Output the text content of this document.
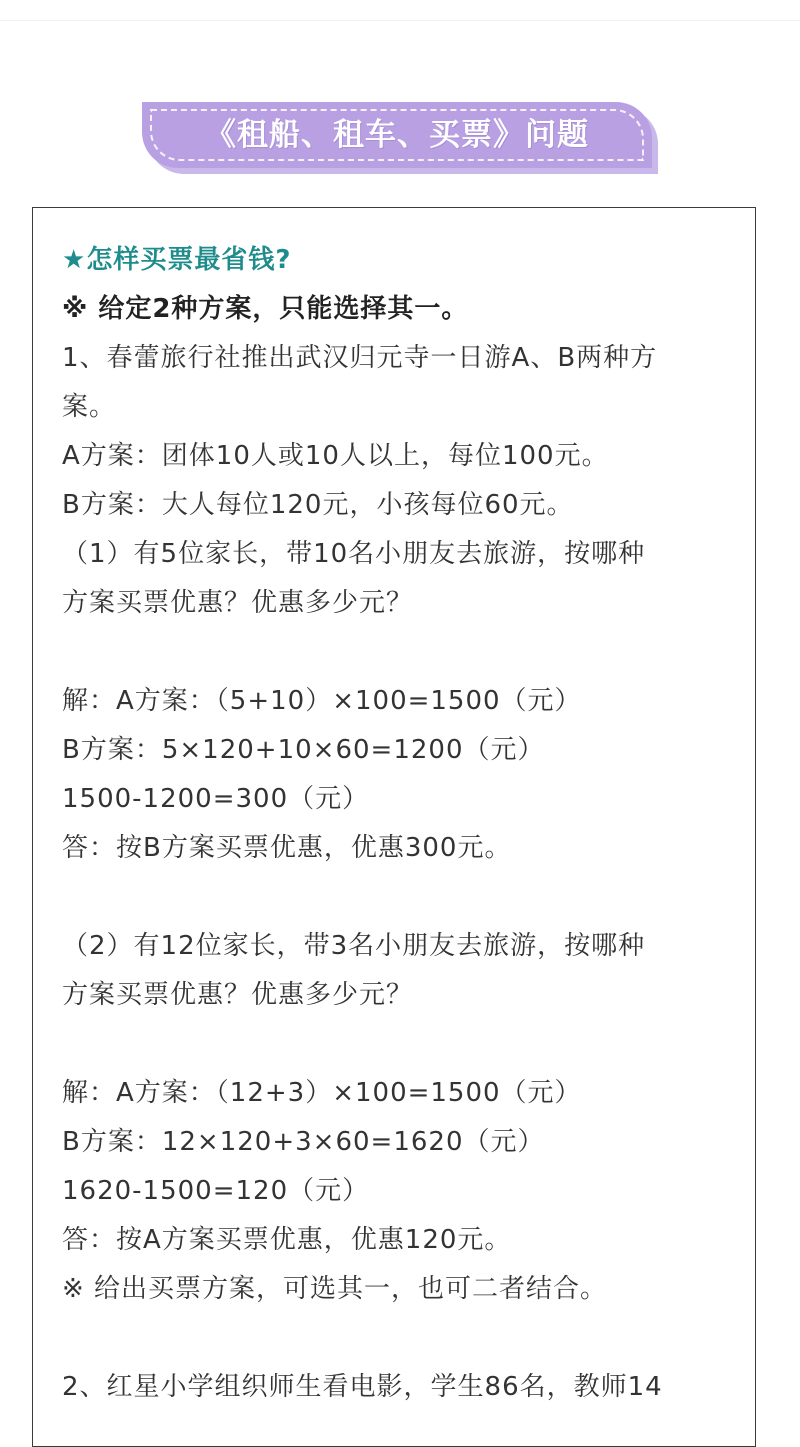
《租船、租车、买票》问题
★怎样买票最省钱?
※ 给定2种方案，只能选择其一。
1、春蕾旅行社推出武汉归元寺一日游A、B两种方
案。
A方案：团体10人或10人以上，每位100元。
B方案：大人每位120元，小孩每位60元。
（1）有5位家长，带10名小朋友去旅游，按哪种
方案买票优惠？优惠多少元？
解：A方案：（5+10）×100=1500（元）
B方案：5×120+10×60=1200（元）
1500-1200=300（元）
答：按B方案买票优惠，优惠300元。
（2）有12位家长，带3名小朋友去旅游，按哪种
方案买票优惠？优惠多少元？
解：A方案：（12+3）×100=1500（元）
B方案：12×120+3×60=1620（元）
1620-1500=120（元）
答：按A方案买票优惠，优惠120元。
※ 给出买票方案，可选其一，也可二者结合。
2、红星小学组织师生看电影，学生86名，教师14
